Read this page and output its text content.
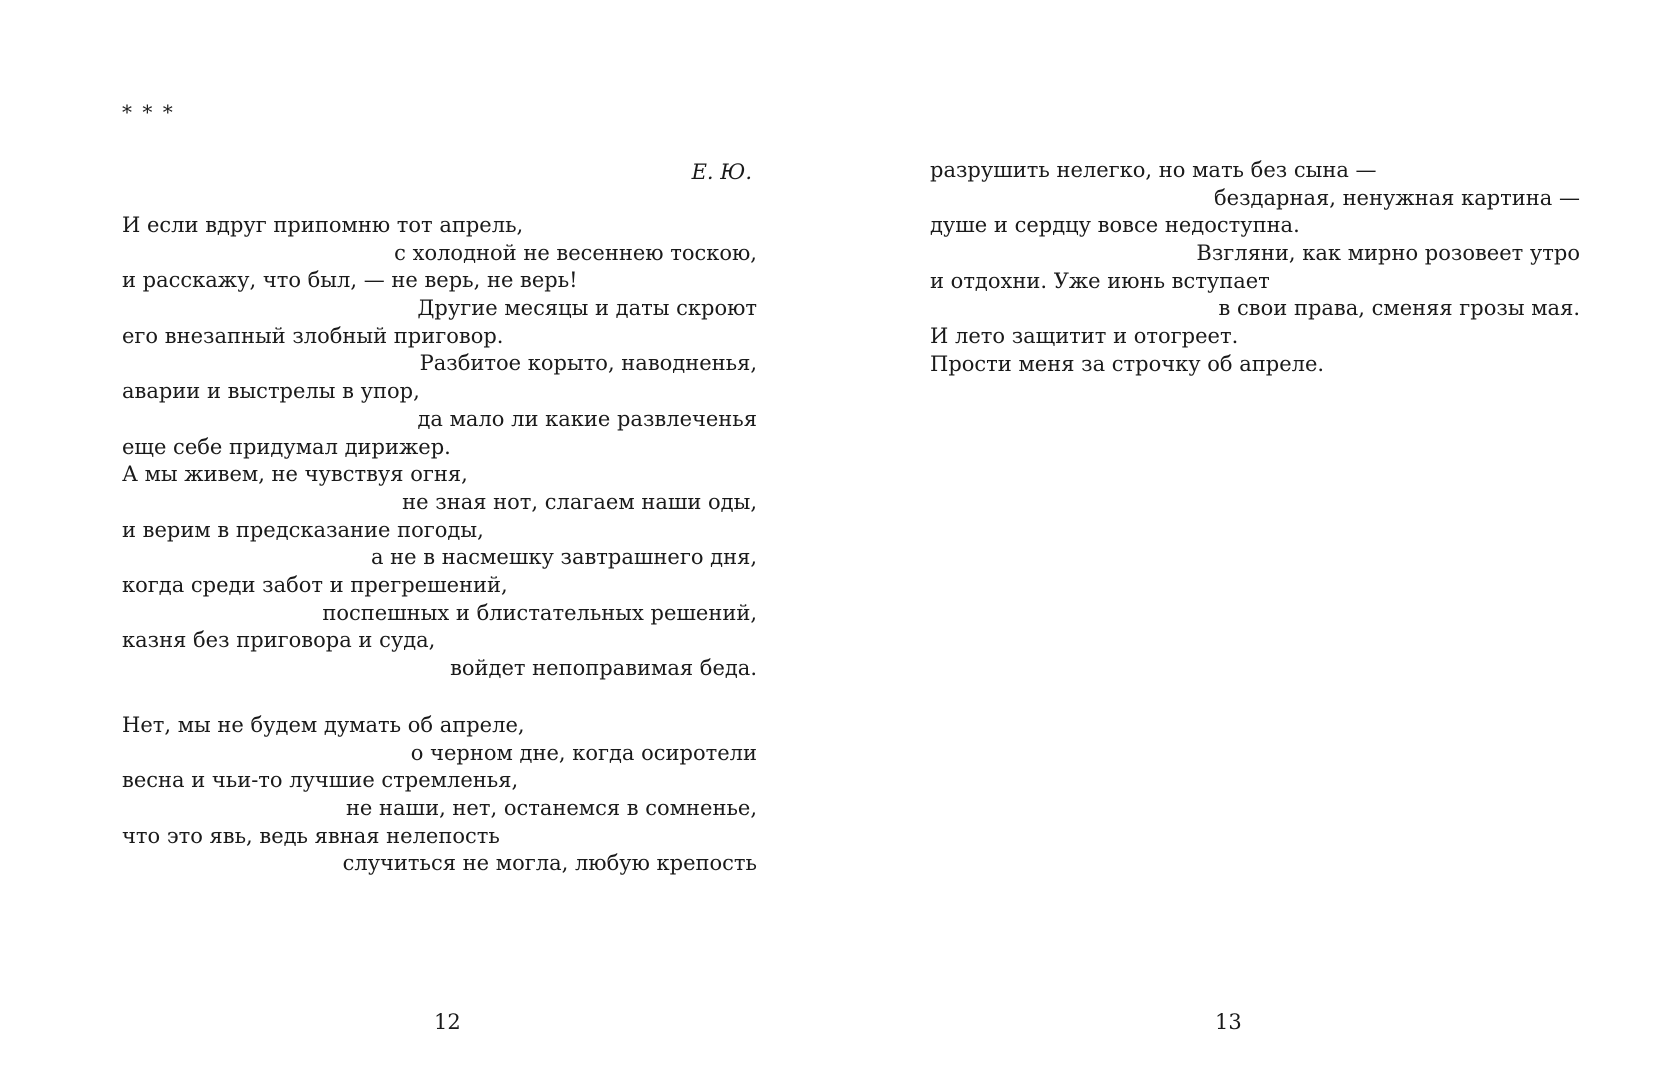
* * *
Е. Ю.
И если вдруг припомню тот апрель,
с холодной не весеннею тоскою,
и расскажу, что был, — не верь, не верь!
Другие месяцы и даты скроют
его внезапный злобный приговор.
Разбитое корыто, наводненья,
аварии и выстрелы в упор,
да мало ли какие развлеченья
еще себе придумал дирижер.
А мы живем, не чувствуя огня,
не зная нот, слагаем наши оды,
и верим в предсказание погоды,
а не в насмешку завтрашнего дня,
когда среди забот и прегрешений,
поспешных и блистательных решений,
казня без приговора и суда,
войдет непоправимая беда.
Нет, мы не будем думать об апреле,
о черном дне, когда осиротели
весна и чьи-то лучшие стремленья,
не наши, нет, останемся в сомненье,
что это явь, ведь явная нелепость
случиться не могла, любую крепость
12
разрушить нелегко, но мать без сына —
бездарная, ненужная картина —
душе и сердцу вовсе недоступна.
Взгляни, как мирно розовеет утро
и отдохни. Уже июнь вступает
в свои права, сменяя грозы мая.
И лето защитит и отогреет.
Прости меня за строчку об апреле.
13
